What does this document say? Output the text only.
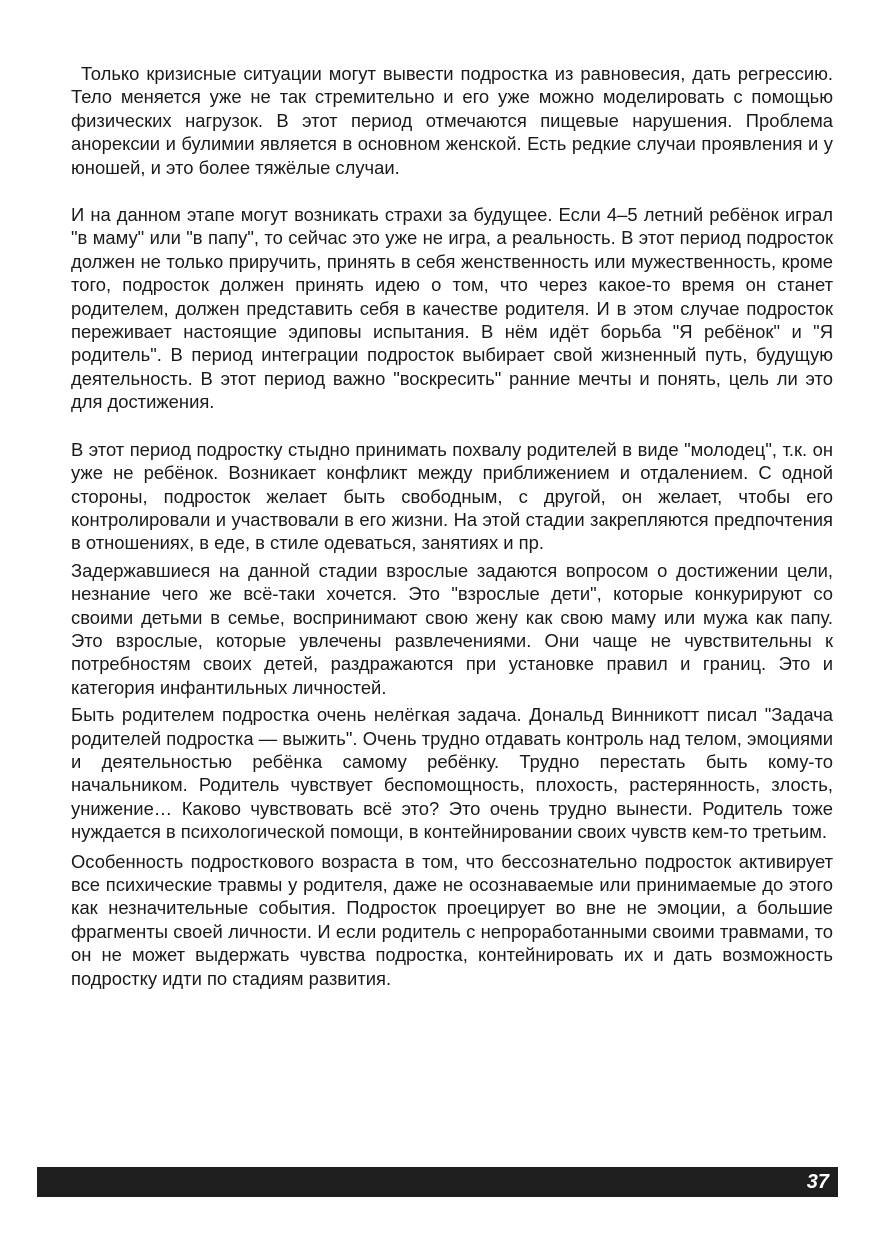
Только кризисные ситуации могут вывести подростка из равновесия, дать регрессию. Тело меняется уже не так стремительно и его уже можно моделировать с помощью физических нагрузок. В этот период отмечаются пищевые нарушения. Проблема анорексии и булимии является в основном женской. Есть редкие случаи проявления и у юношей, и это более тяжёлые случаи.

И на данном этапе могут возникать страхи за будущее. Если 4–5 летний ребёнок играл "в маму" или "в папу", то сейчас это уже не игра, а реальность. В этот период подросток должен не только приручить, принять в себя женственность или мужественность, кроме того, подросток должен принять идею о том, что через какое-то время он станет родителем, должен представить себя в качестве родителя. И в этом случае подросток переживает настоящие эдиповы испытания. В нём идёт борьба "Я ребёнок" и "Я родитель". В период интеграции подросток выбирает свой жизненный путь, будущую деятельность. В этот период важно "воскресить" ранние мечты и понять, цель ли это для достижения.

В этот период подростку стыдно принимать похвалу родителей в виде "молодец", т.к. он уже не ребёнок. Возникает конфликт между приближением и отдалением. С одной стороны, подросток желает быть свободным, с другой, он желает, чтобы его контролировали и участвовали в его жизни. На этой стадии закрепляются предпочтения в отношениях, в еде, в стиле одеваться, занятиях и пр.

Задержавшиеся на данной стадии взрослые задаются вопросом о достижении цели, незнание чего же всё-таки хочется. Это "взрослые дети", которые конкурируют со своими детьми в семье, воспринимают свою жену как свою маму или мужа как папу. Это взрослые, которые увлечены развлечениями. Они чаще не чувствительны к потребностям своих детей, раздражаются при установке правил и границ. Это и категория инфантильных личностей.

Быть родителем подростка очень нелёгкая задача. Дональд Винникотт писал "Задача родителей подростка — выжить". Очень трудно отдавать контроль над телом, эмоциями и деятельностью ребёнка самому ребёнку. Трудно перестать быть кому-то начальником. Родитель чувствует беспомощность, плохость, растерянность, злость, унижение… Каково чувствовать всё это? Это очень трудно вынести. Родитель тоже нуждается в психологической помощи, в контейнировании своих чувств кем-то третьим.

Особенность подросткового возраста в том, что бессознательно подросток активирует все психические травмы у родителя, даже не осознаваемые или принимаемые до этого как незначительные события. Подросток проецирует во вне не эмоции, а большие фрагменты своей личности. И если родитель с непроработанными своими травмами, то он не может выдержать чувства подростка, контейнировать их и дать возможность подростку идти по стадиям развития.

37
